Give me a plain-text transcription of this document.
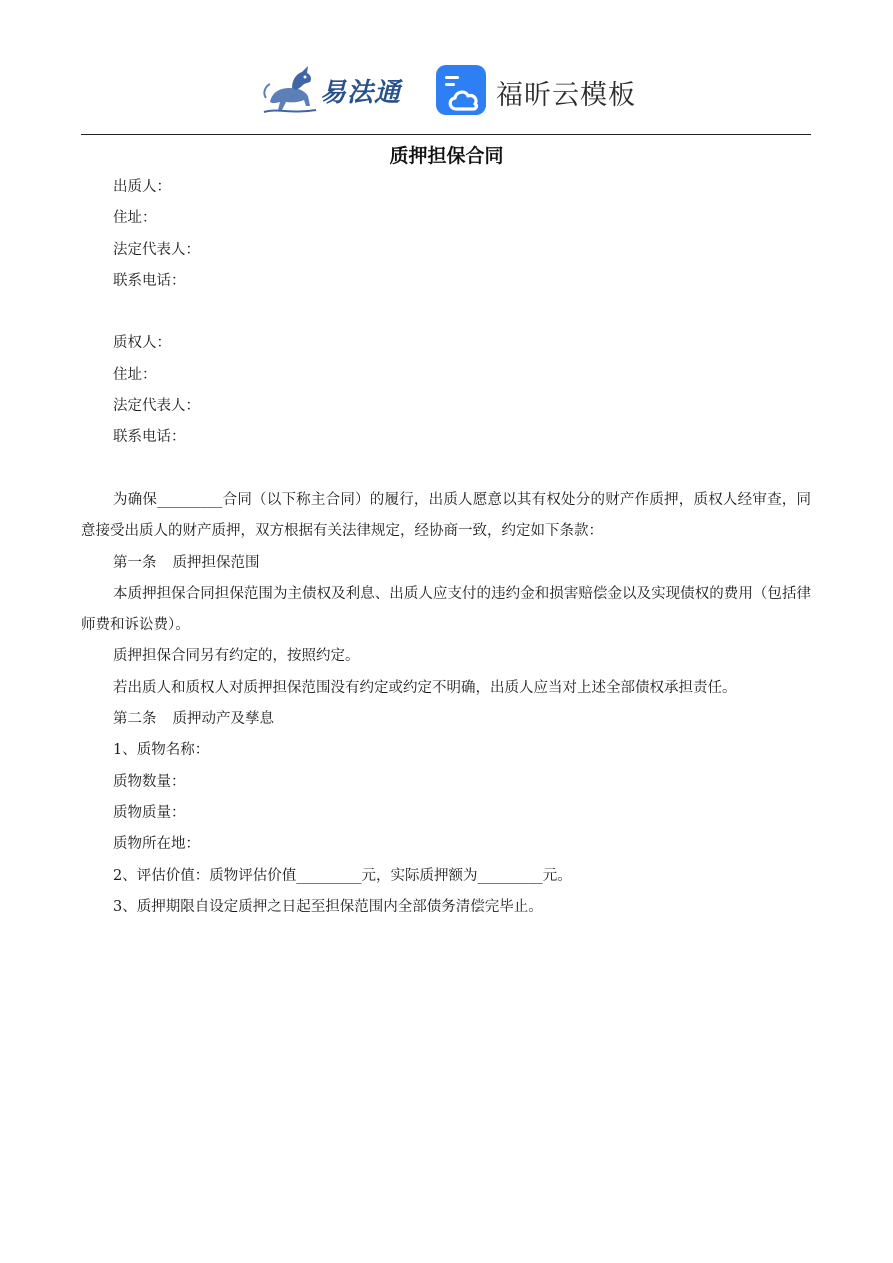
易法通	福昕云模板
质押担保合同
出质人：
住址：
法定代表人：
联系电话：
质权人：
住址：
法定代表人：
联系电话：
为确保_________合同（以下称主合同）的履行，出质人愿意以其有权处分的财产作质押，质权人经审查，同意接受出质人的财产质押，双方根据有关法律规定，经协商一致，约定如下条款：
第一条 质押担保范围
本质押担保合同担保范围为主债权及利息、出质人应支付的违约金和损害赔偿金以及实现债权的费用（包括律师费和诉讼费）。
质押担保合同另有约定的，按照约定。
若出质人和质权人对质押担保范围没有约定或约定不明确，出质人应当对上述全部债权承担责任。
第二条 质押动产及孳息
1、质物名称：
质物数量：
质物质量：
质物所在地：
2、评估价值：质物评估价值_________元，实际质押额为_________元。
3、质押期限自设定质押之日起至担保范围内全部债务清偿完毕止。
